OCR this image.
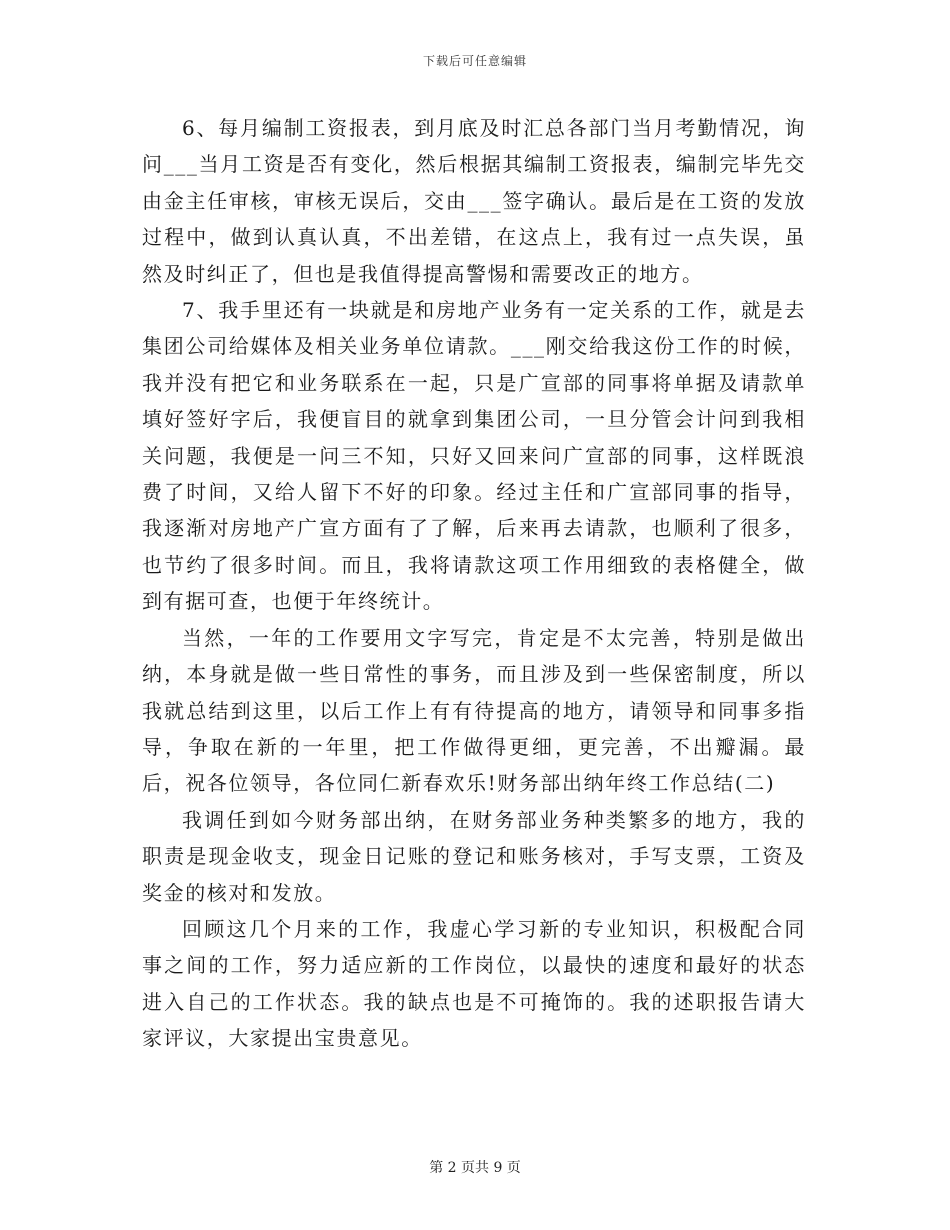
下载后可任意编辑

6、每月编制工资报表，到月底及时汇总各部门当月考勤情况，询问___当月工资是否有变化，然后根据其编制工资报表，编制完毕先交由金主任审核，审核无误后，交由___签字确认。最后是在工资的发放过程中，做到认真认真，不出差错，在这点上，我有过一点失误，虽然及时纠正了，但也是我值得提高警惕和需要改正的地方。

7、我手里还有一块就是和房地产业务有一定关系的工作，就是去集团公司给媒体及相关业务单位请款。___刚交给我这份工作的时候，我并没有把它和业务联系在一起，只是广宣部的同事将单据及请款单填好签好字后，我便盲目的就拿到集团公司，一旦分管会计问到我相关问题，我便是一问三不知，只好又回来问广宣部的同事，这样既浪费了时间，又给人留下不好的印象。经过主任和广宣部同事的指导，我逐渐对房地产广宣方面有了了解，后来再去请款，也顺利了很多，也节约了很多时间。而且，我将请款这项工作用细致的表格健全，做到有据可查，也便于年终统计。

当然，一年的工作要用文字写完，肯定是不太完善，特别是做出纳，本身就是做一些日常性的事务，而且涉及到一些保密制度，所以我就总结到这里，以后工作上有有待提高的地方，请领导和同事多指导，争取在新的一年里，把工作做得更细，更完善，不出瓣漏。最后，祝各位领导，各位同仁新春欢乐!财务部出纳年终工作总结(二)

我调任到如今财务部出纳，在财务部业务种类繁多的地方，我的职责是现金收支，现金日记账的登记和账务核对，手写支票，工资及奖金的核对和发放。

回顾这几个月来的工作，我虚心学习新的专业知识，积极配合同事之间的工作，努力适应新的工作岗位，以最快的速度和最好的状态进入自己的工作状态。我的缺点也是不可掩饰的。我的述职报告请大家评议，大家提出宝贵意见。

第 2 页共 9 页
